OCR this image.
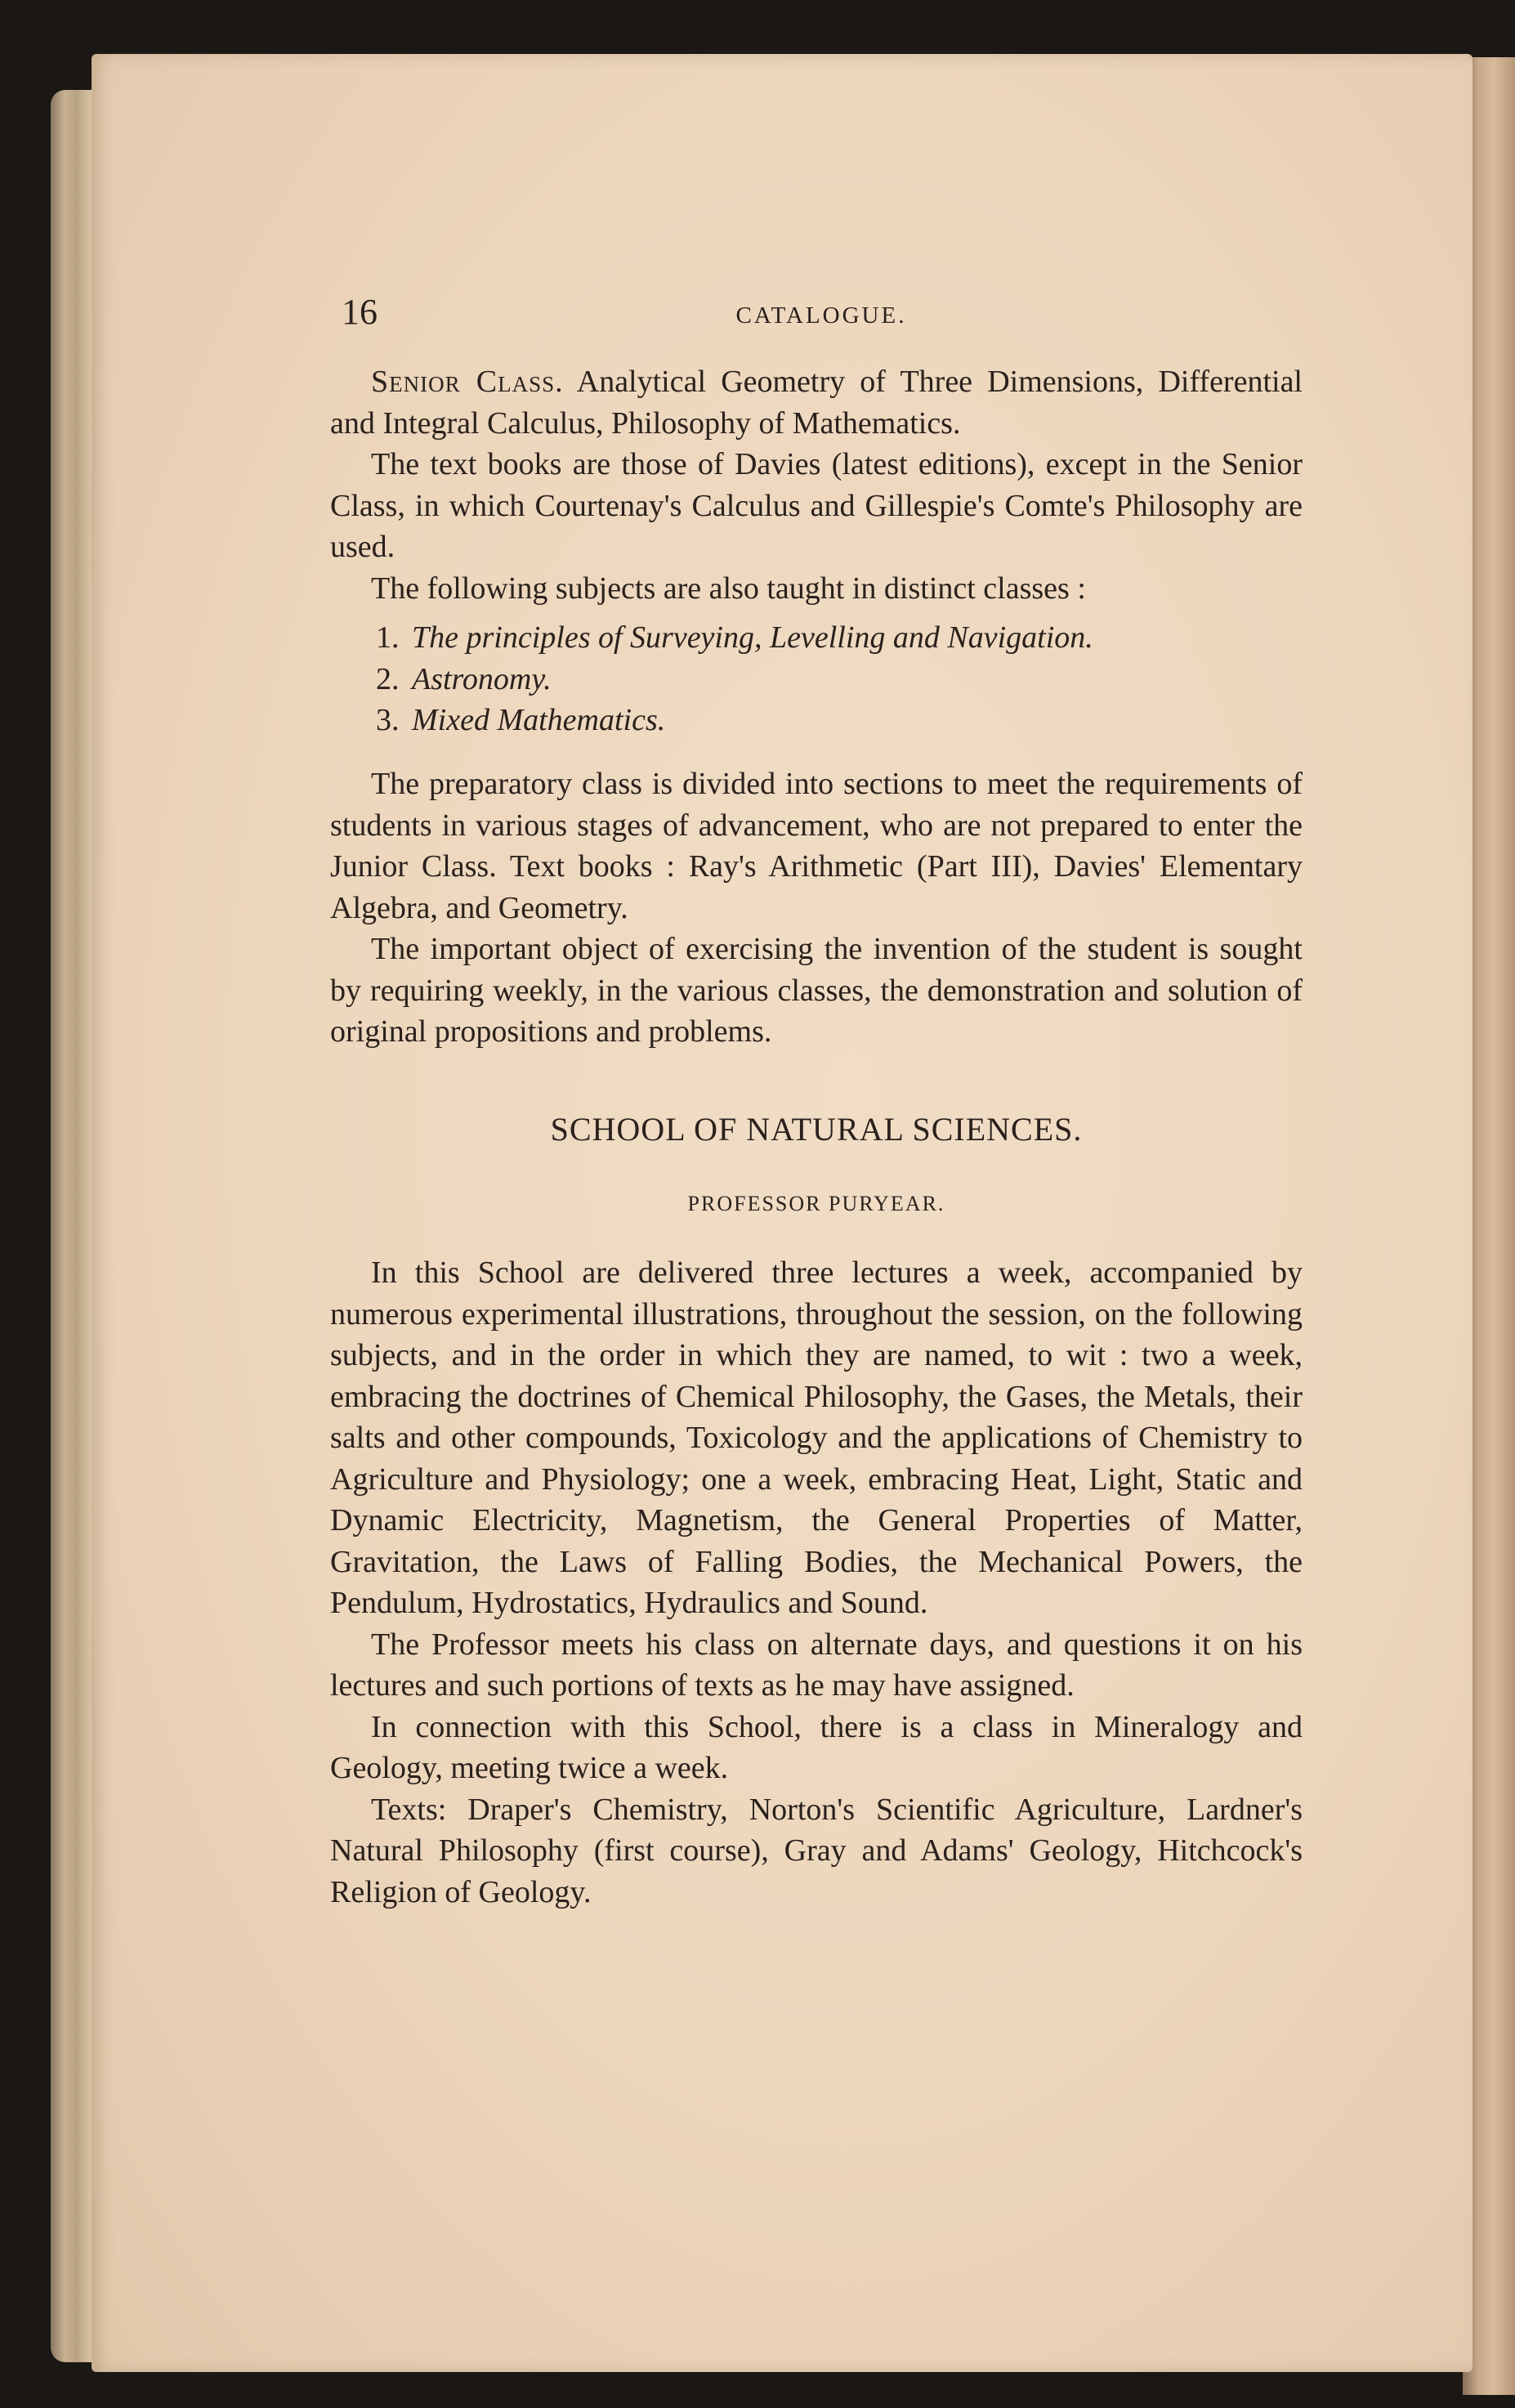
16	CATALOGUE.

Senior Class. Analytical Geometry of Three Dimensions, Differential and Integral Calculus, Philosophy of Mathematics.

The text books are those of Davies (latest editions), except in the Senior Class, in which Courtenay's Calculus and Gillespie's Comte's Philosophy are used.

The following subjects are also taught in distinct classes :

1. The principles of Surveying, Levelling and Navigation.
2. Astronomy.
3. Mixed Mathematics.

The preparatory class is divided into sections to meet the requirements of students in various stages of advancement, who are not prepared to enter the Junior Class. Text books : Ray's Arithmetic (Part III), Davies' Elementary Algebra, and Geometry.

The important object of exercising the invention of the student is sought by requiring weekly, in the various classes, the demonstration and solution of original propositions and problems.

SCHOOL OF NATURAL SCIENCES.
PROFESSOR PURYEAR.

In this School are delivered three lectures a week, accompanied by numerous experimental illustrations, throughout the session, on the following subjects, and in the order in which they are named, to wit : two a week, embracing the doctrines of Chemical Philosophy, the Gases, the Metals, their salts and other compounds, Toxicology and the applications of Chemistry to Agriculture and Physiology; one a week, embracing Heat, Light, Static and Dynamic Electricity, Magnetism, the General Properties of Matter, Gravitation, the Laws of Falling Bodies, the Mechanical Powers, the Pendulum, Hydrostatics, Hydraulics and Sound.

The Professor meets his class on alternate days, and questions it on his lectures and such portions of texts as he may have assigned.

In connection with this School, there is a class in Mineralogy and Geology, meeting twice a week.

Texts: Draper's Chemistry, Norton's Scientific Agriculture, Lardner's Natural Philosophy (first course), Gray and Adams' Geology, Hitchcock's Religion of Geology.
